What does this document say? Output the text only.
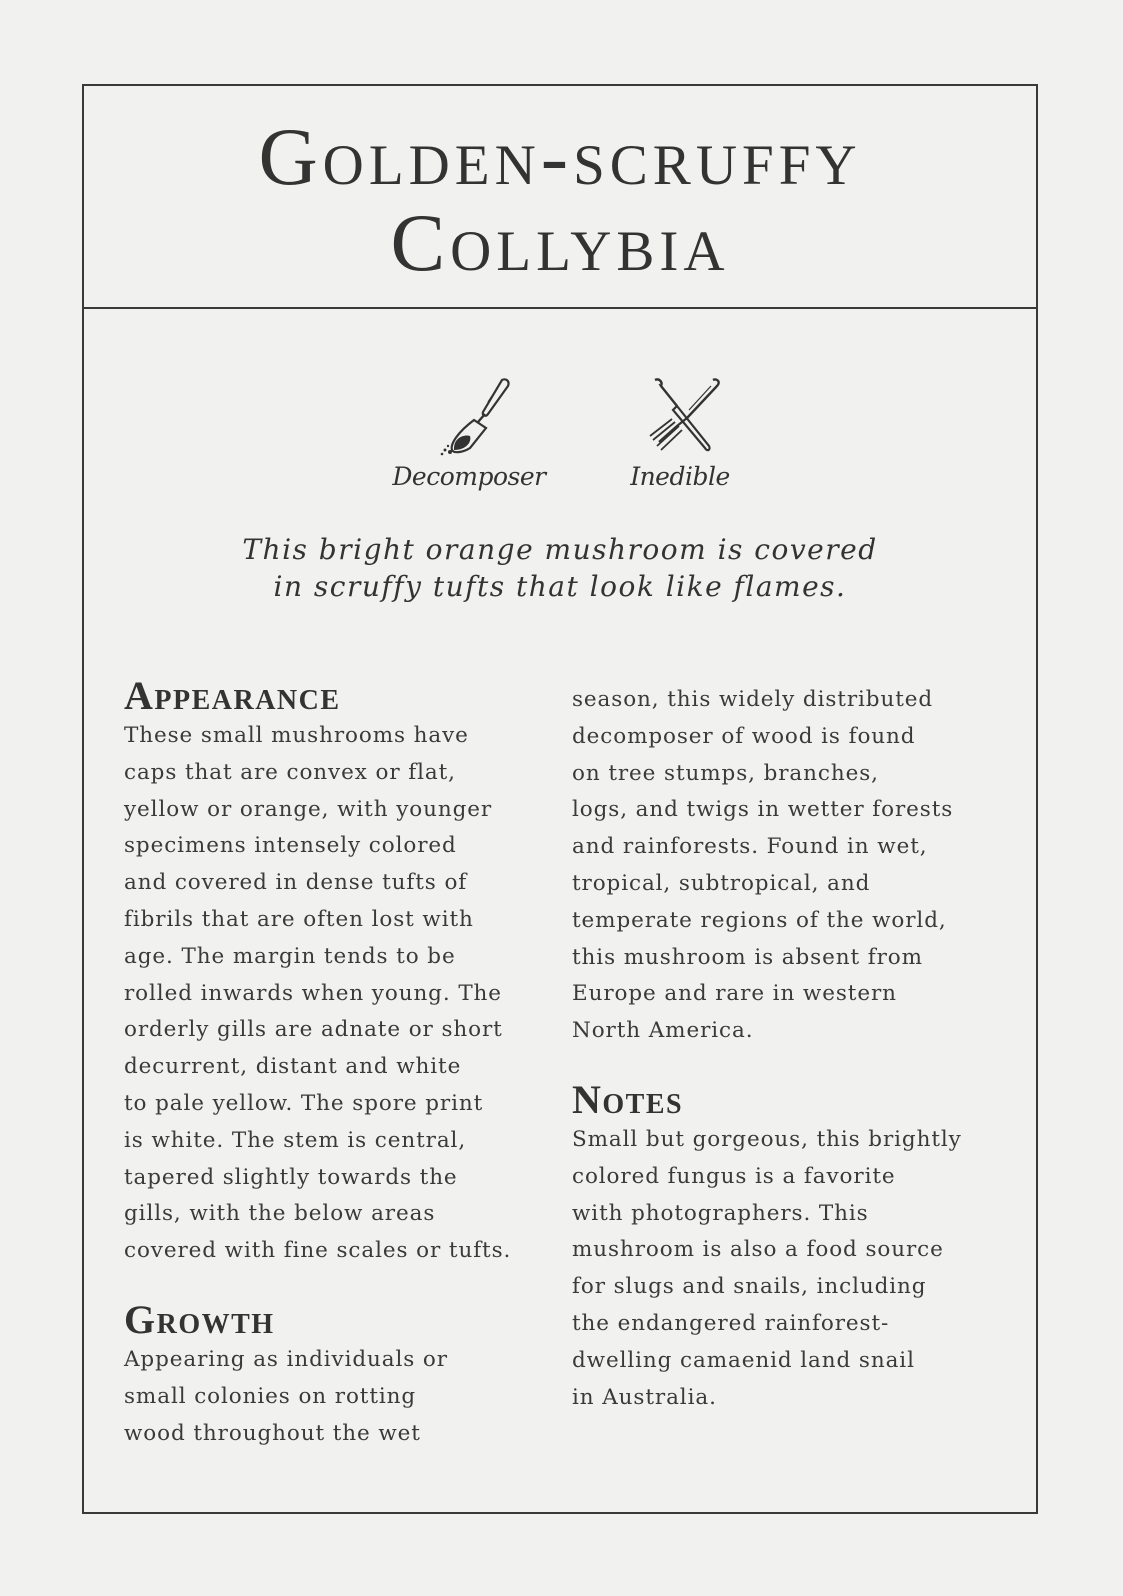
Golden-scruffy
Collybia
Decomposer	Inedible
This bright orange mushroom is covered
in scruffy tufts that look like flames.
Appearance
These small mushrooms have
caps that are convex or flat,
yellow or orange, with younger
specimens intensely colored
and covered in dense tufts of
fibrils that are often lost with
age. The margin tends to be
rolled inwards when young. The
orderly gills are adnate or short
decurrent, distant and white
to pale yellow. The spore print
is white. The stem is central,
tapered slightly towards the
gills, with the below areas
covered with fine scales or tufts.
Growth
Appearing as individuals or
small colonies on rotting
wood throughout the wet
season, this widely distributed
decomposer of wood is found
on tree stumps, branches,
logs, and twigs in wetter forests
and rainforests. Found in wet,
tropical, subtropical, and
temperate regions of the world,
this mushroom is absent from
Europe and rare in western
North America.
Notes
Small but gorgeous, this brightly
colored fungus is a favorite
with photographers. This
mushroom is also a food source
for slugs and snails, including
the endangered rainforest-
dwelling camaenid land snail
in Australia.
